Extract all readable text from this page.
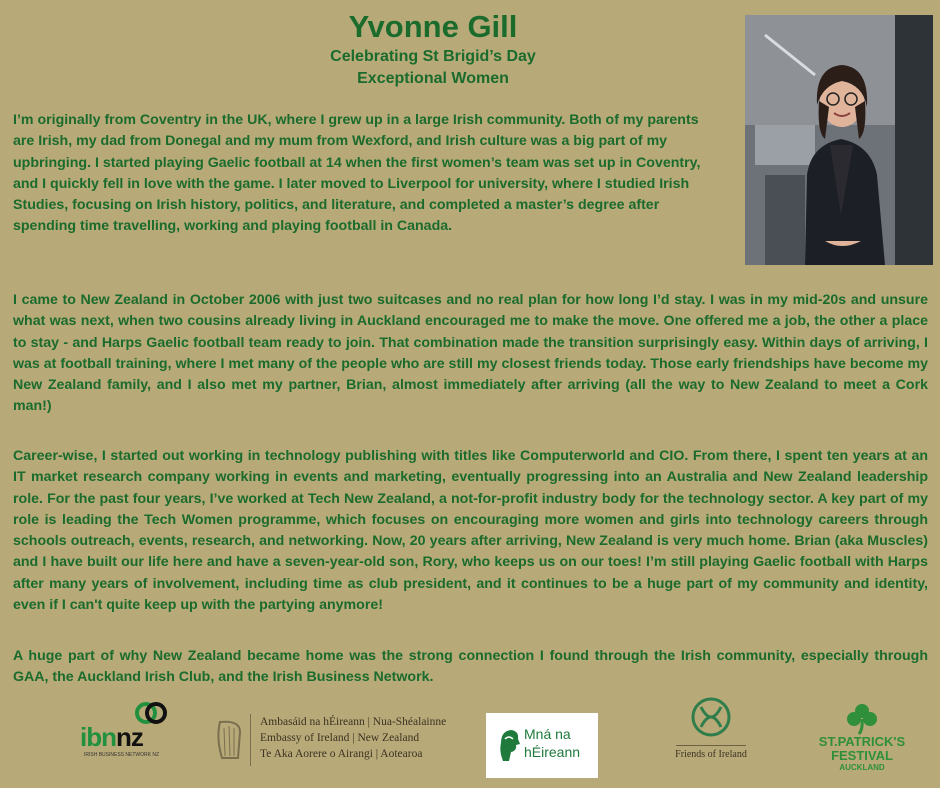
Yvonne Gill
Celebrating St Brigid’s Day
Exceptional Women

I’m originally from Coventry in the UK, where I grew up in a large Irish community. Both of my parents are Irish, my dad from Donegal and my mum from Wexford, and Irish culture was a big part of my upbringing. I started playing Gaelic football at 14 when the first women’s team was set up in Coventry, and I quickly fell in love with the game. I later moved to Liverpool for university, where I studied Irish Studies, focusing on Irish history, politics, and literature, and completed a master’s degree after spending time travelling, working and playing football in Canada.

I came to New Zealand in October 2006 with just two suitcases and no real plan for how long I’d stay. I was in my mid-20s and unsure what was next, when two cousins already living in Auckland encouraged me to make the move. One offered me a job, the other a place to stay - and Harps Gaelic football team ready to join. That combination made the transition surprisingly easy. Within days of arriving, I was at football training, where I met many of the people who are still my closest friends today. Those early friendships have become my New Zealand family, and I also met my partner, Brian, almost immediately after arriving (all the way to New Zealand to meet a Cork man!)

Career-wise, I started out working in technology publishing with titles like Computerworld and CIO. From there, I spent ten years at an IT market research company working in events and marketing, eventually progressing into an Australia and New Zealand leadership role. For the past four years, I’ve worked at Tech New Zealand, a not-for-profit industry body for the technology sector. A key part of my role is leading the Tech Women programme, which focuses on encouraging more women and girls into technology careers through schools outreach, events, research, and networking. Now, 20 years after arriving, New Zealand is very much home. Brian (aka Muscles) and I have built our life here and have a seven-year-old son, Rory, who keeps us on our toes! I’m still playing Gaelic football with Harps after many years of involvement, including time as club president, and it continues to be a huge part of my community and identity, even if I can't quite keep up with the partying anymore!

A huge part of why New Zealand became home was the strong connection I found through the Irish community, especially through GAA, the Auckland Irish Club, and the Irish Business Network.

ibnnz
IRISH BUSINESS NETWORK NZ
Ambasáid na hÉireann | Nua-Shéalainne
Embassy of Ireland | New Zealand
Te Aka Aorere o Airangi | Aotearoa
Mná na
hÉireann	Friends of Ireland
ST.PATRICK'S
FESTIVAL
AUCKLAND
